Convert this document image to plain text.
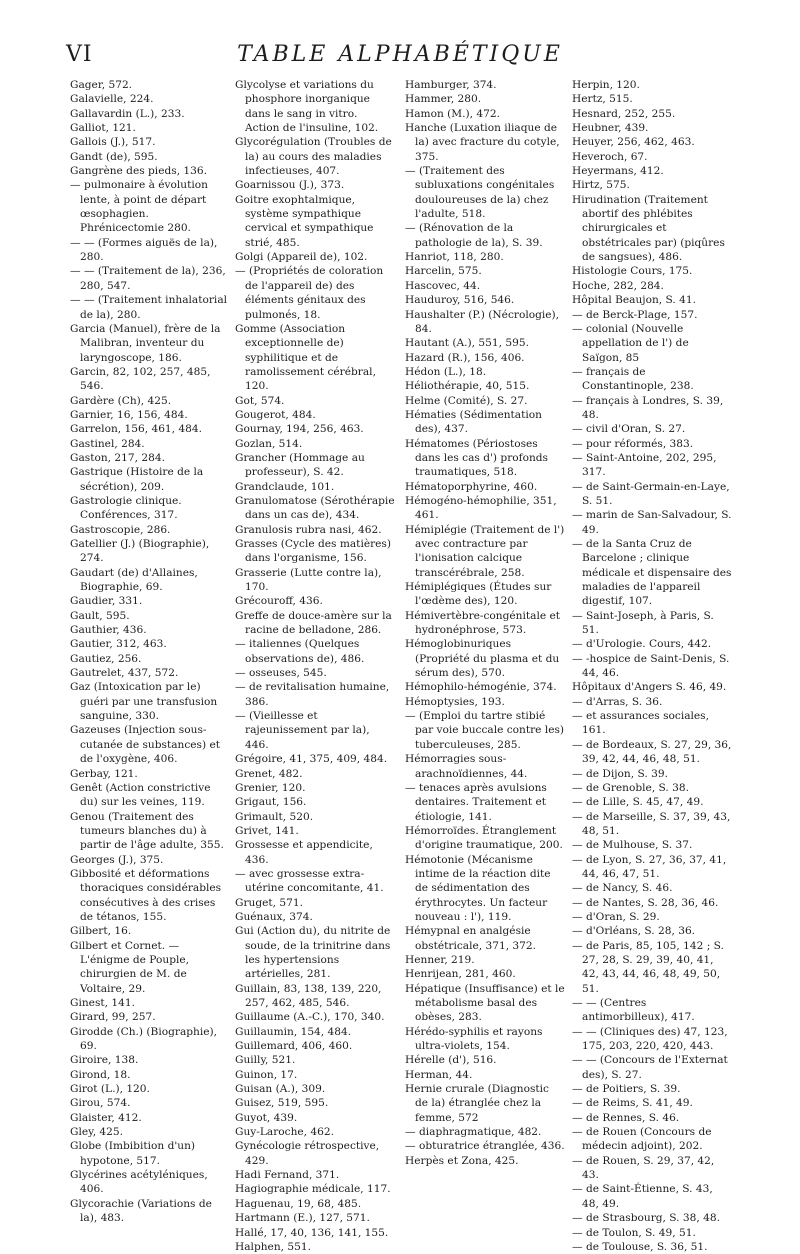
VI	TABLE ALPHABÉTIQUE

Gager, 572.

Galavielle, 224.

Gallavardin (L.), 233.

Galliot, 121.

Gallois (J.), 517.

Gandt (de), 595.

Gangrène des pieds, 136.

— pulmonaire à évolution lente, à point de départ œsophagien. Phrénicectomie 280.

— — (Formes aiguës de la), 280.

— — (Traitement de la), 236, 280, 547.

— — (Traitement inhalatorial de la), 280.

Garcia (Manuel), frère de la Malibran, inventeur du laryngoscope, 186.

Garcin, 82, 102, 257, 485, 546.

Gardère (Ch), 425.

Garnier, 16, 156, 484.

Garrelon, 156, 461, 484.

Gastinel, 284.

Gaston, 217, 284.

Gastrique (Histoire de la sécrétion), 209.

Gastrologie clinique. Conférences, 317.

Gastroscopie, 286.

Gatellier (J.) (Biographie), 274.

Gaudart (de) d'Allaines, Biographie, 69.

Gaudier, 331.

Gault, 595.

Gauthier, 436.

Gautier, 312, 463.

Gautiez, 256.

Gautrelet, 437, 572.

Gaz (Intoxication par le) guéri par une transfusion sanguine, 330.

Gazeuses (Injection sous-cutanée de substances) et de l'oxygène, 406.

Gerbay, 121.

Genêt (Action constrictive du) sur les veines, 119.

Genou (Traitement des tumeurs blanches du) à partir de l'âge adulte, 355.

Georges (J.), 375.

Gibbosité et déformations thoraciques considérables consécutives à des crises de tétanos, 155.

Gilbert, 16.

Gilbert et Cornet. — L'énigme de Pouple, chirurgien de M. de Voltaire, 29.

Ginest, 141.

Girard, 99, 257.

Girodde (Ch.) (Biographie), 69.

Giroire, 138.

Girond, 18.

Girot (L.), 120.

Girou, 574.

Glaister, 412.

Gley, 425.

Globe (Imbibition d'un) hypotone, 517.

Glycérines acétyléniques, 406.

Glycorachie (Variations de la), 483.

Glycolyse et variations du phosphore inorganique dans le sang in vitro. Action de l'insuline, 102.

Glycorégulation (Troubles de la) au cours des maladies infectieuses, 407.

Goarnissou (J.), 373.

Goitre exophtalmique, système sympathique cervical et sympathique strié, 485.

Golgi (Appareil de), 102.

— (Propriétés de coloration de l'appareil de) des éléments génitaux des pulmonés, 18.

Gomme (Association exceptionnelle de) syphilitique et de ramolissement cérébral, 120.

Got, 574.

Gougerot, 484.

Gournay, 194, 256, 463.

Gozlan, 514.

Grancher (Hommage au professeur), S. 42.

Grandclaude, 101.

Granulomatose (Sérothérapie dans un cas de), 434.

Granulosis rubra nasi, 462.

Grasses (Cycle des matières) dans l'organisme, 156.

Grasserie (Lutte contre la), 170.

Grécouroff, 436.

Greffe de douce-amère sur la racine de belladone, 286.

— italiennes (Quelques observations de), 486.

— osseuses, 545.

— de revitalisation humaine, 386.

— (Vieillesse et rajeunissement par la), 446.

Grégoire, 41, 375, 409, 484.

Grenet, 482.

Grenier, 120.

Grigaut, 156.

Grimault, 520.

Grivet, 141.

Grossesse et appendicite, 436.

— avec grossesse extra-utérine concomitante, 41.

Gruget, 571.

Guénaux, 374.

Gui (Action du), du nitrite de soude, de la trinitrine dans les hypertensions artérielles, 281.

Guillain, 83, 138, 139, 220, 257, 462, 485, 546.

Guillaume (A.-C.), 170, 340.

Guillaumin, 154, 484.

Guillemard, 406, 460.

Guilly, 521.

Guinon, 17.

Guisan (A.), 309.

Guisez, 519, 595.

Guyot, 439.

Guy-Laroche, 462.

Gynécologie rétrospective, 429.

Hadi Fernand, 371.

Hagiographie médicale, 117.

Haguenau, 19, 68, 485.

Hartmann (E.), 127, 571.

Hallé, 17, 40, 136, 141, 155.

Halphen, 551.

Hamburger, 374.

Hammer, 280.

Hamon (M.), 472.

Hanche (Luxation iliaque de la) avec fracture du cotyle, 375.

— (Traitement des subluxations congénitales douloureuses de la) chez l'adulte, 518.

— (Rénovation de la pathologie de la), S. 39.

Hanriot, 118, 280.

Harcelin, 575.

Hascovec, 44.

Hauduroy, 516, 546.

Haushalter (P.) (Nécrologie), 84.

Hautant (A.), 551, 595.

Hazard (R.), 156, 406.

Hédon (L.), 18.

Héliothérapie, 40, 515.

Helme (Comité), S. 27.

Hématies (Sédimentation des), 437.

Hématomes (Périostoses dans les cas d') profonds traumatiques, 518.

Hématoporphyrine, 460.

Hémogéno-hémophilie, 351, 461.

Hémiplégie (Traitement de l') avec contracture par l'ionisation calcique transcérébrale, 258.

Hémiplégiques (Études sur l'œdème des), 120.

Hémivertèbre-congénitale et hydronéphrose, 573.

Hémoglobinuriques (Propriété du plasma et du sérum des), 570.

Hémophilo-hémogénie, 374.

Hémoptysies, 193.

— (Emploi du tartre stibié par voie buccale contre les) tuberculeuses, 285.

Hémorragies sous-arachnoïdiennes, 44.

— tenaces après avulsions dentaires. Traitement et étiologie, 141.

Hémorroïdes. Étranglement d'origine traumatique, 200.

Hémotonie (Mécanisme intime de la réaction dite de sédimentation des érythrocytes. Un facteur nouveau : l'), 119.

Hémypnal en analgésie obstétricale, 371, 372.

Henner, 219.

Henrijean, 281, 460.

Hépatique (Insuffisance) et le métabolisme basal des obèses, 283.

Hérédo-syphilis et rayons ultra-violets, 154.

Hérelle (d'), 516.

Herman, 44.

Hernie crurale (Diagnostic de la) étranglée chez la femme, 572

— diaphragmatique, 482.

— obturatrice étranglée, 436.

Herpès et Zona, 425.

Herpin, 120.

Hertz, 515.

Hesnard, 252, 255.

Heubner, 439.

Heuyer, 256, 462, 463.

Heveroch, 67.

Heyermans, 412.

Hirtz, 575.

Hirudination (Traitement abortif des phlébites chirurgicales et obstétricales par) (piqûres de sangsues), 486.

Histologie Cours, 175.

Hoche, 282, 284.

Hôpital Beaujon, S. 41.

— de Berck-Plage, 157.

— colonial (Nouvelle appellation de l') de Saïgon, 85

— français de Constantinople, 238.

— français à Londres, S. 39, 48.

— civil d'Oran, S. 27.

— pour réformés, 383.

— Saint-Antoine, 202, 295, 317.

— de Saint-Germain-en-Laye, S. 51.

— marin de San-Salvadour, S. 49.

— de la Santa Cruz de Barcelone ; clinique médicale et dispensaire des maladies de l'appareil digestif, 107.

— Saint-Joseph, à Paris, S. 51.

— d'Urologie. Cours, 442.

— -hospice de Saint-Denis, S. 44, 46.

Hôpitaux d'Angers S. 46, 49.

— d'Arras, S. 36.

— et assurances sociales, 161.

— de Bordeaux, S. 27, 29, 36, 39, 42, 44, 46, 48, 51.

— de Dijon, S. 39.

— de Grenoble, S. 38.

— de Lille, S. 45, 47, 49.

— de Marseille, S. 37, 39, 43, 48, 51.

— de Mulhouse, S. 37.

— de Lyon, S. 27, 36, 37, 41, 44, 46, 47, 51.

— de Nancy, S. 46.

— de Nantes, S. 28, 36, 46.

— d'Oran, S. 29.

— d'Orléans, S. 28, 36.

— de Paris, 85, 105, 142 ; S. 27, 28, S. 29, 39, 40, 41, 42, 43, 44, 46, 48, 49, 50, 51.

— — (Centres antimorbilleux), 417.

— — (Cliniques des) 47, 123, 175, 203, 220, 420, 443.

— — (Concours de l'Externat des), S. 27.

— de Poitiers, S. 39.

— de Reims, S. 41, 49.

— de Rennes, S. 46.

— de Rouen (Concours de médecin adjoint), 202.

— de Rouen, S. 29, 37, 42, 43.

— de Saint-Étienne, S. 43, 48, 49.

— de Strasbourg, S. 38, 48.

— de Toulon, S. 49, 51.

— de Toulouse, S. 36, 51.
